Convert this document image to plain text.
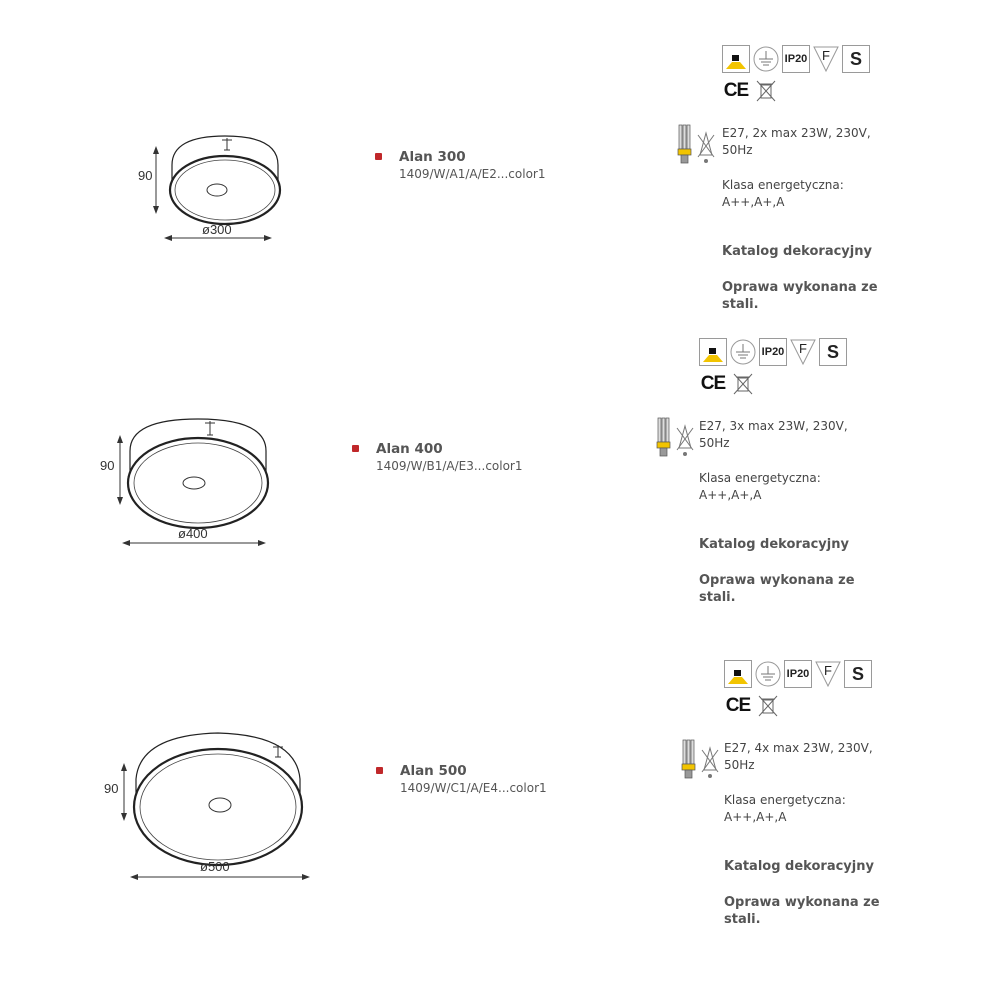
90
ø300
Alan 300
1409/W/A1/A/E2...color1
IP20 F S
CE
E27, 2x max 23W, 230V,
50Hz
Klasa energetyczna:
A++,A+,A
Katalog dekoracyjny
Oprawa wykonana ze
stali.
90
ø400
Alan 400
1409/W/B1/A/E3...color1
IP20 F S
CE
E27, 3x max 23W, 230V,
50Hz
Klasa energetyczna:
A++,A+,A
Katalog dekoracyjny
Oprawa wykonana ze
stali.
90
ø500
Alan 500
1409/W/C1/A/E4...color1
IP20 F S
CE
E27, 4x max 23W, 230V,
50Hz
Klasa energetyczna:
A++,A+,A
Katalog dekoracyjny
Oprawa wykonana ze
stali.
